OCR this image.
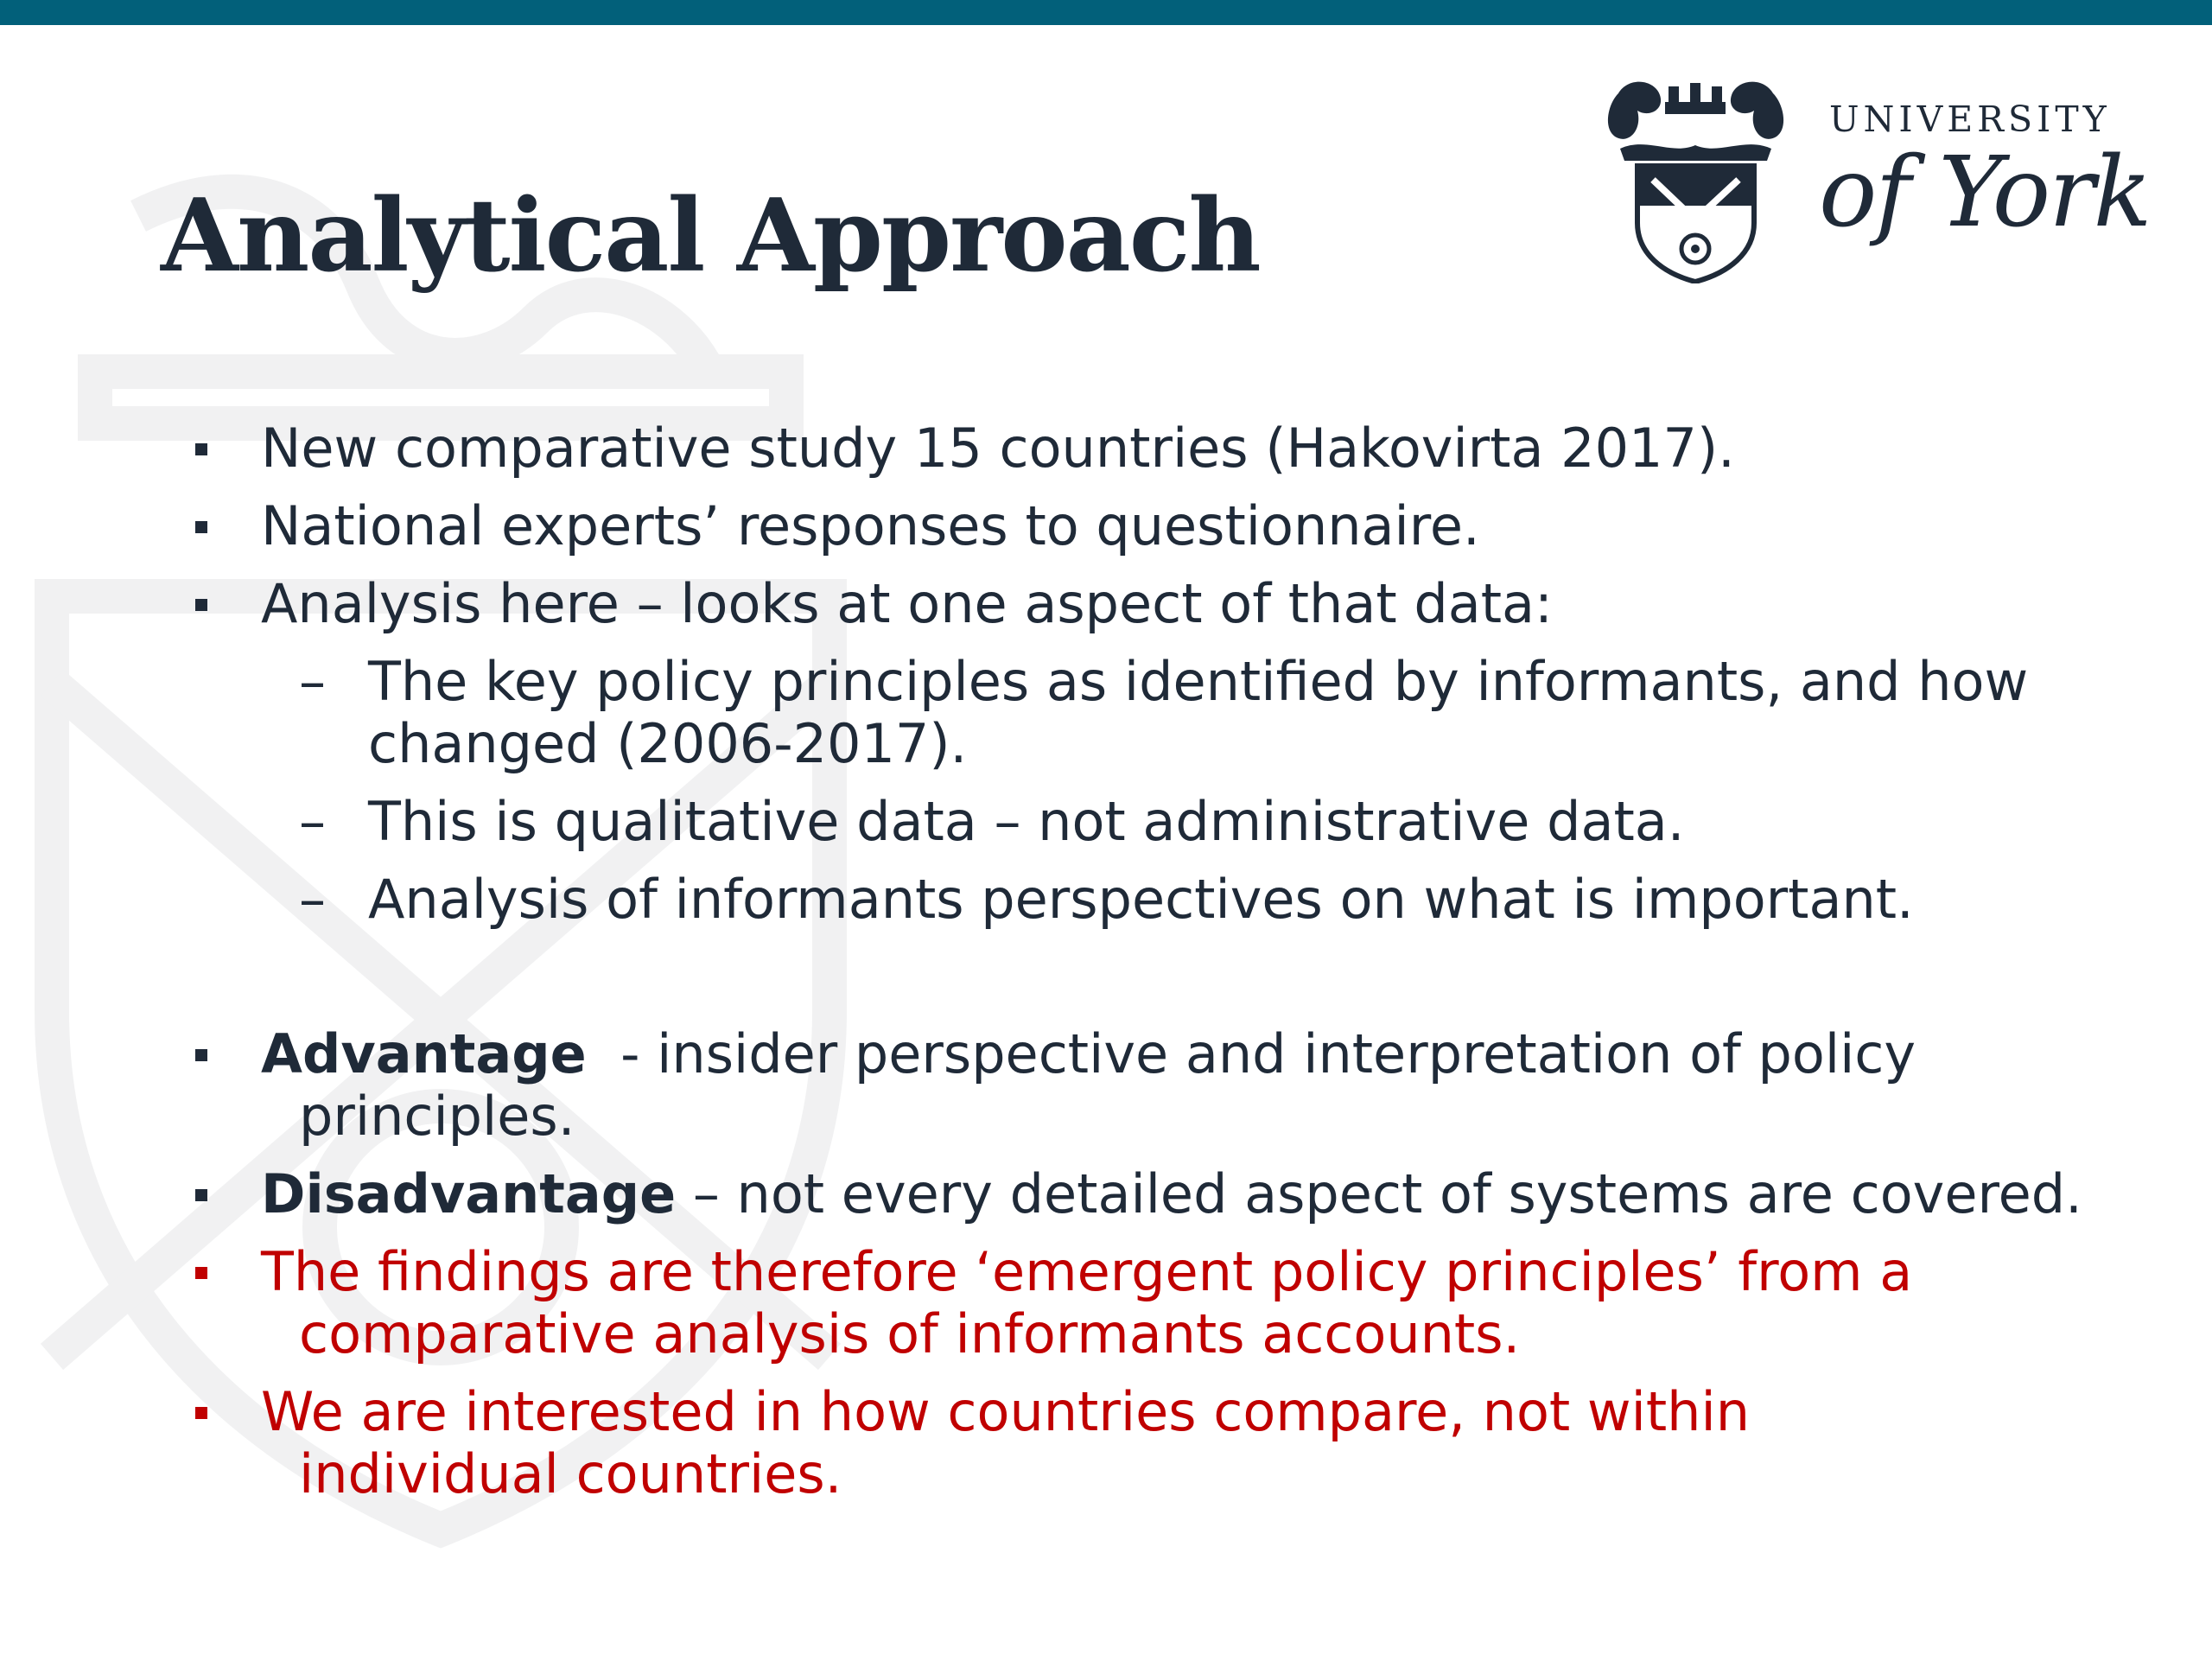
Analytical Approach
UNIVERSITY
of York
New comparative study 15 countries (Hakovirta 2017).
National experts’ responses to questionnaire.
Analysis here – looks at one aspect of that data:
– The key policy principles as identified by informants, and how
changed (2006-2017).
– This is qualitative data – not administrative data.
– Analysis of informants perspectives on what is important.
Advantage  - insider perspective and interpretation of policy
principles.
Disadvantage – not every detailed aspect of systems are covered.
The findings are therefore ‘emergent policy principles’ from a
comparative analysis of informants accounts.
We are interested in how countries compare, not within
individual countries.
